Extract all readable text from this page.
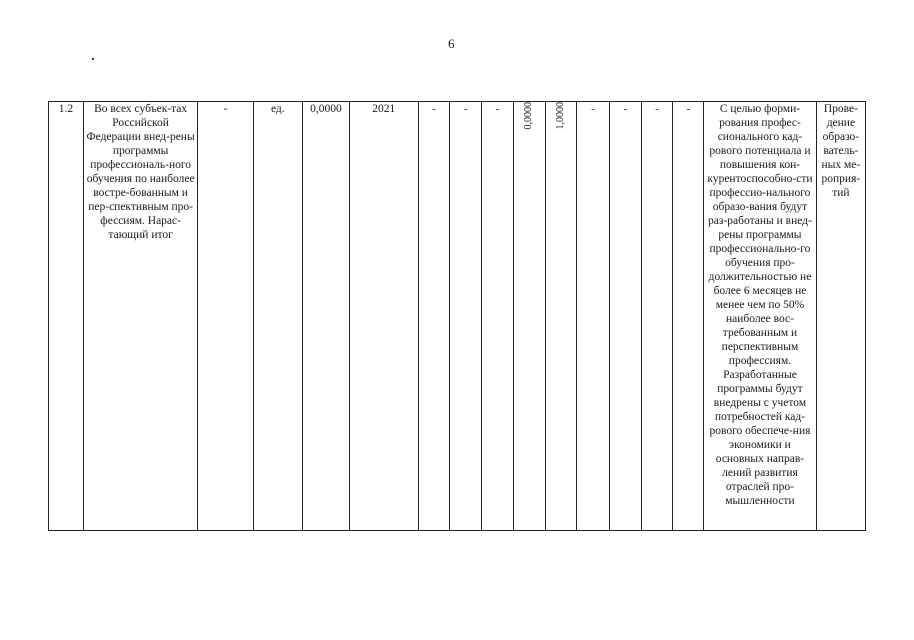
6
1.2	Во всех субъек-тах Российской Федерации внед-рены программы профессиональ-ного обучения по наиболее востре-бованным и пер-спективным про-фессиям. Нарас-тающий итог	-	ед.	0,0000	2021	-	-	-	0,0000	1,0000	-	-	-	-	С целью форми-рования профес-сионального кад-рового потенциала и повышения кон-курентоспособно-сти профессио-нального образо-вания будут раз-работаны и внед-рены программы профессионально-го обучения про-должительностью не более 6 месяцев не менее чем по 50% наиболее вос-требованным и перспективным профессиям. Разработанные программы будут внедрены с учетом потребностей кад-рового обеспече-ния экономики и основных направ-лений развития отраслей про-мышленности	Прове-дение образо-ватель-ных ме-роприя-тий
